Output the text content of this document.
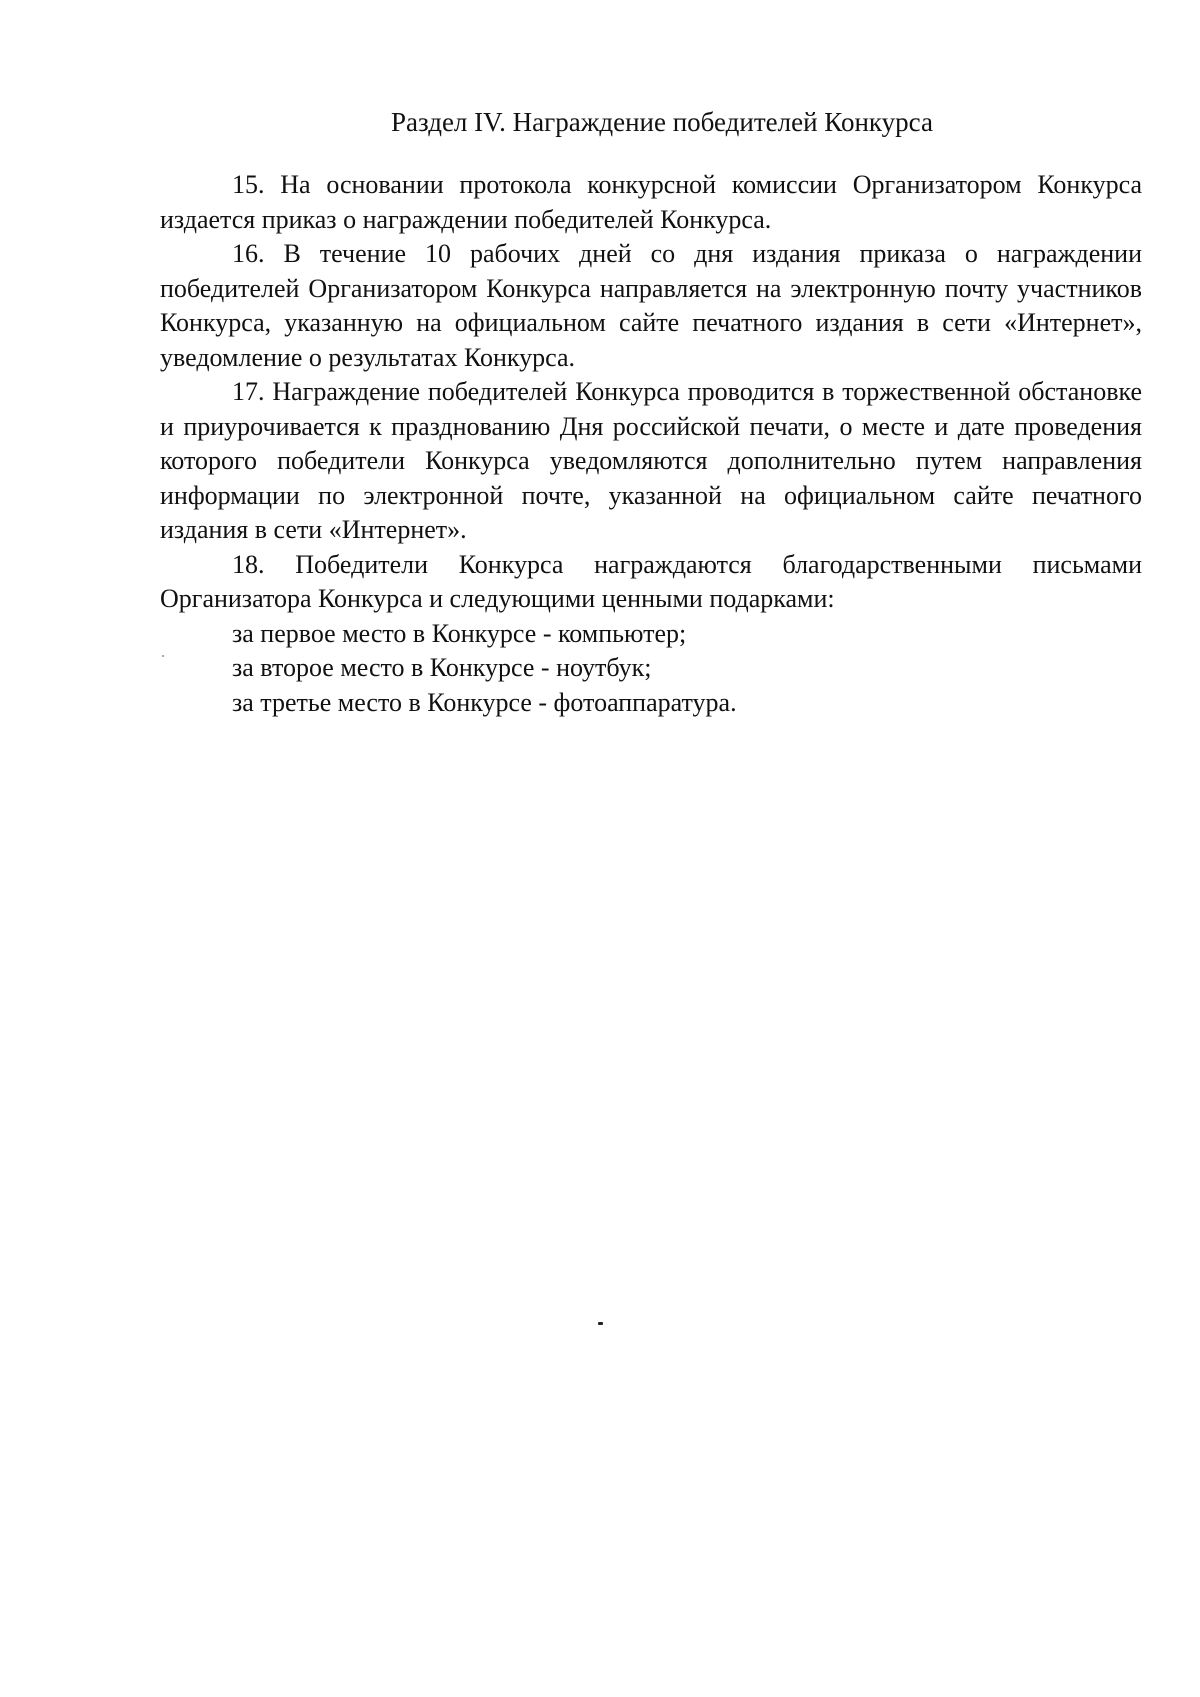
Раздел IV. Награждение победителей Конкурса

15. На основании протокола конкурсной комиссии Организатором Конкурса издается приказ о награждении победителей Конкурса.

16. В течение 10 рабочих дней со дня издания приказа о награждении победителей Организатором Конкурса направляется на электронную почту участников Конкурса, указанную на официальном сайте печатного издания в сети «Интернет», уведомление о результатах Конкурса.

17. Награждение победителей Конкурса проводится в торжественной обстановке и приурочивается к празднованию Дня российской печати, о месте и дате проведения которого победители Конкурса уведомляются дополнительно путем направления информации по электронной почте, указанной на официальном сайте печатного издания в сети «Интернет».

18. Победители Конкурса награждаются благодарственными письмами Организатора Конкурса и следующими ценными подарками:

за первое место в Конкурсе - компьютер;

за второе место в Конкурсе - ноутбук;

за третье место в Конкурсе - фотоаппаратура.
